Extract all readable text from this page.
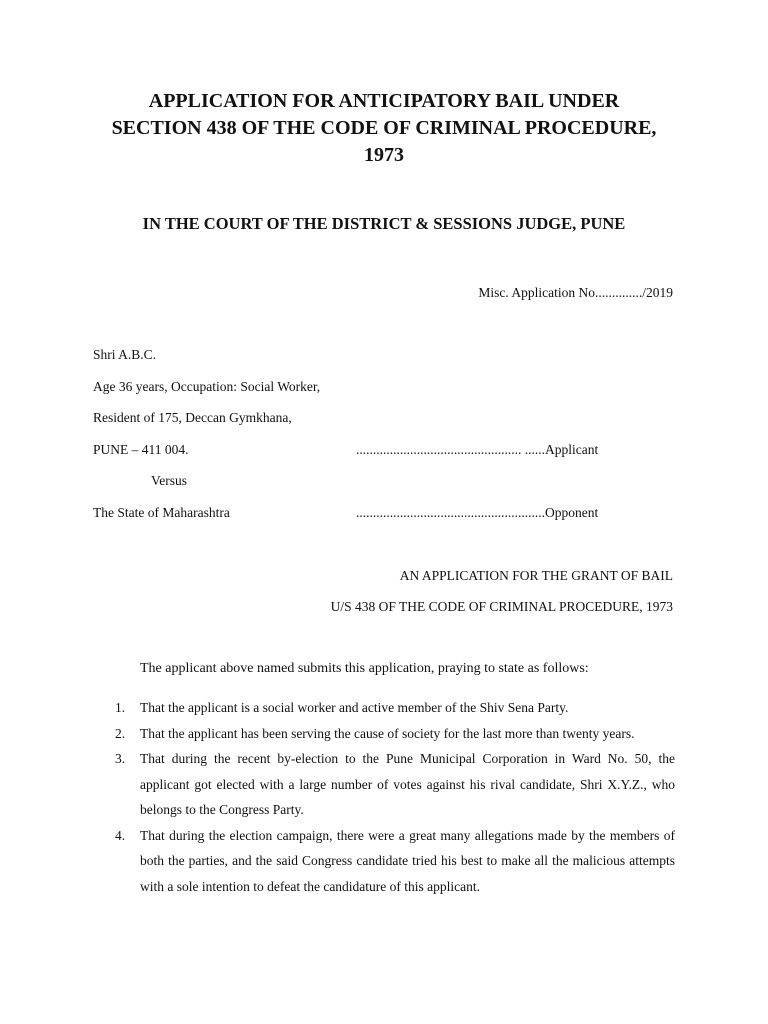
APPLICATION FOR ANTICIPATORY BAIL UNDER
SECTION 438 OF THE CODE OF CRIMINAL PROCEDURE,
1973
IN THE COURT OF THE DISTRICT & SESSIONS JUDGE, PUNE
Misc. Application No............../2019
Shri A.B.C.
Age 36 years, Occupation: Social Worker,
Resident of 175, Deccan Gymkhana,
PUNE – 411 004.	................................................. ......Applicant
Versus
The State of Maharashtra	........................................................Opponent
AN APPLICATION FOR THE GRANT OF BAIL
U/S 438 OF THE CODE OF CRIMINAL PROCEDURE, 1973
The applicant above named submits this application, praying to state as follows:
1. That the applicant is a social worker and active member of the Shiv Sena Party.
2. That the applicant has been serving the cause of society for the last more than twenty years.
3. That during the recent by-election to the Pune Municipal Corporation in Ward No. 50, the applicant got elected with a large number of votes against his rival candidate, Shri X.Y.Z., who belongs to the Congress Party.
4. That during the election campaign, there were a great many allegations made by the members of both the parties, and the said Congress candidate tried his best to make all the malicious attempts with a sole intention to defeat the candidature of this applicant.
